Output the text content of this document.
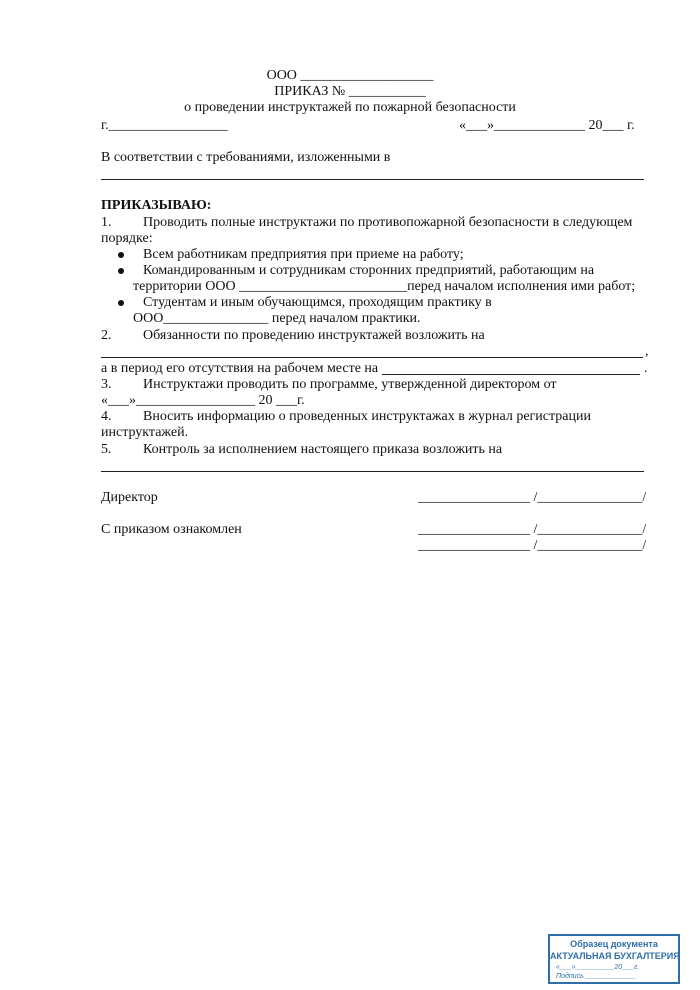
ООО ___________________
ПРИКАЗ № ___________
о проведении инструктажей по пожарной безопасности
г._________________	«___»_____________ 20___ г.
В соответствии с требованиями, изложенными в
ПРИКАЗЫВАЮ:
1. Проводить полные инструктажи по противопожарной безопасности в следующем
порядке:
Всем работникам предприятия при приеме на работу;
Командированным и сотрудникам сторонних предприятий, работающим на
территории ООО ________________________перед началом исполнения ими работ;
Студентам и иным обучающимся, проходящим практику в
ООО_______________ перед началом практики.
2. Обязанности по проведению инструктажей возложить на
,
а в период его отсутствия на рабочем месте на	.
3. Инструктажи проводить по программе, утвержденной директором от
«___»_________________ 20 ___г.
4. Вносить информацию о проведенных инструктажах в журнал регистрации
инструктажей.
5. Контроль за исполнением настоящего приказа возложить на
Директор	________________ /_______________/
С приказом ознакомлен	________________ /_______________/
________________ /_______________/
Образец документа
АКТУАЛЬНАЯ БУХГАЛТЕРИЯ
«___»__________20___г.
Подпись _____________
